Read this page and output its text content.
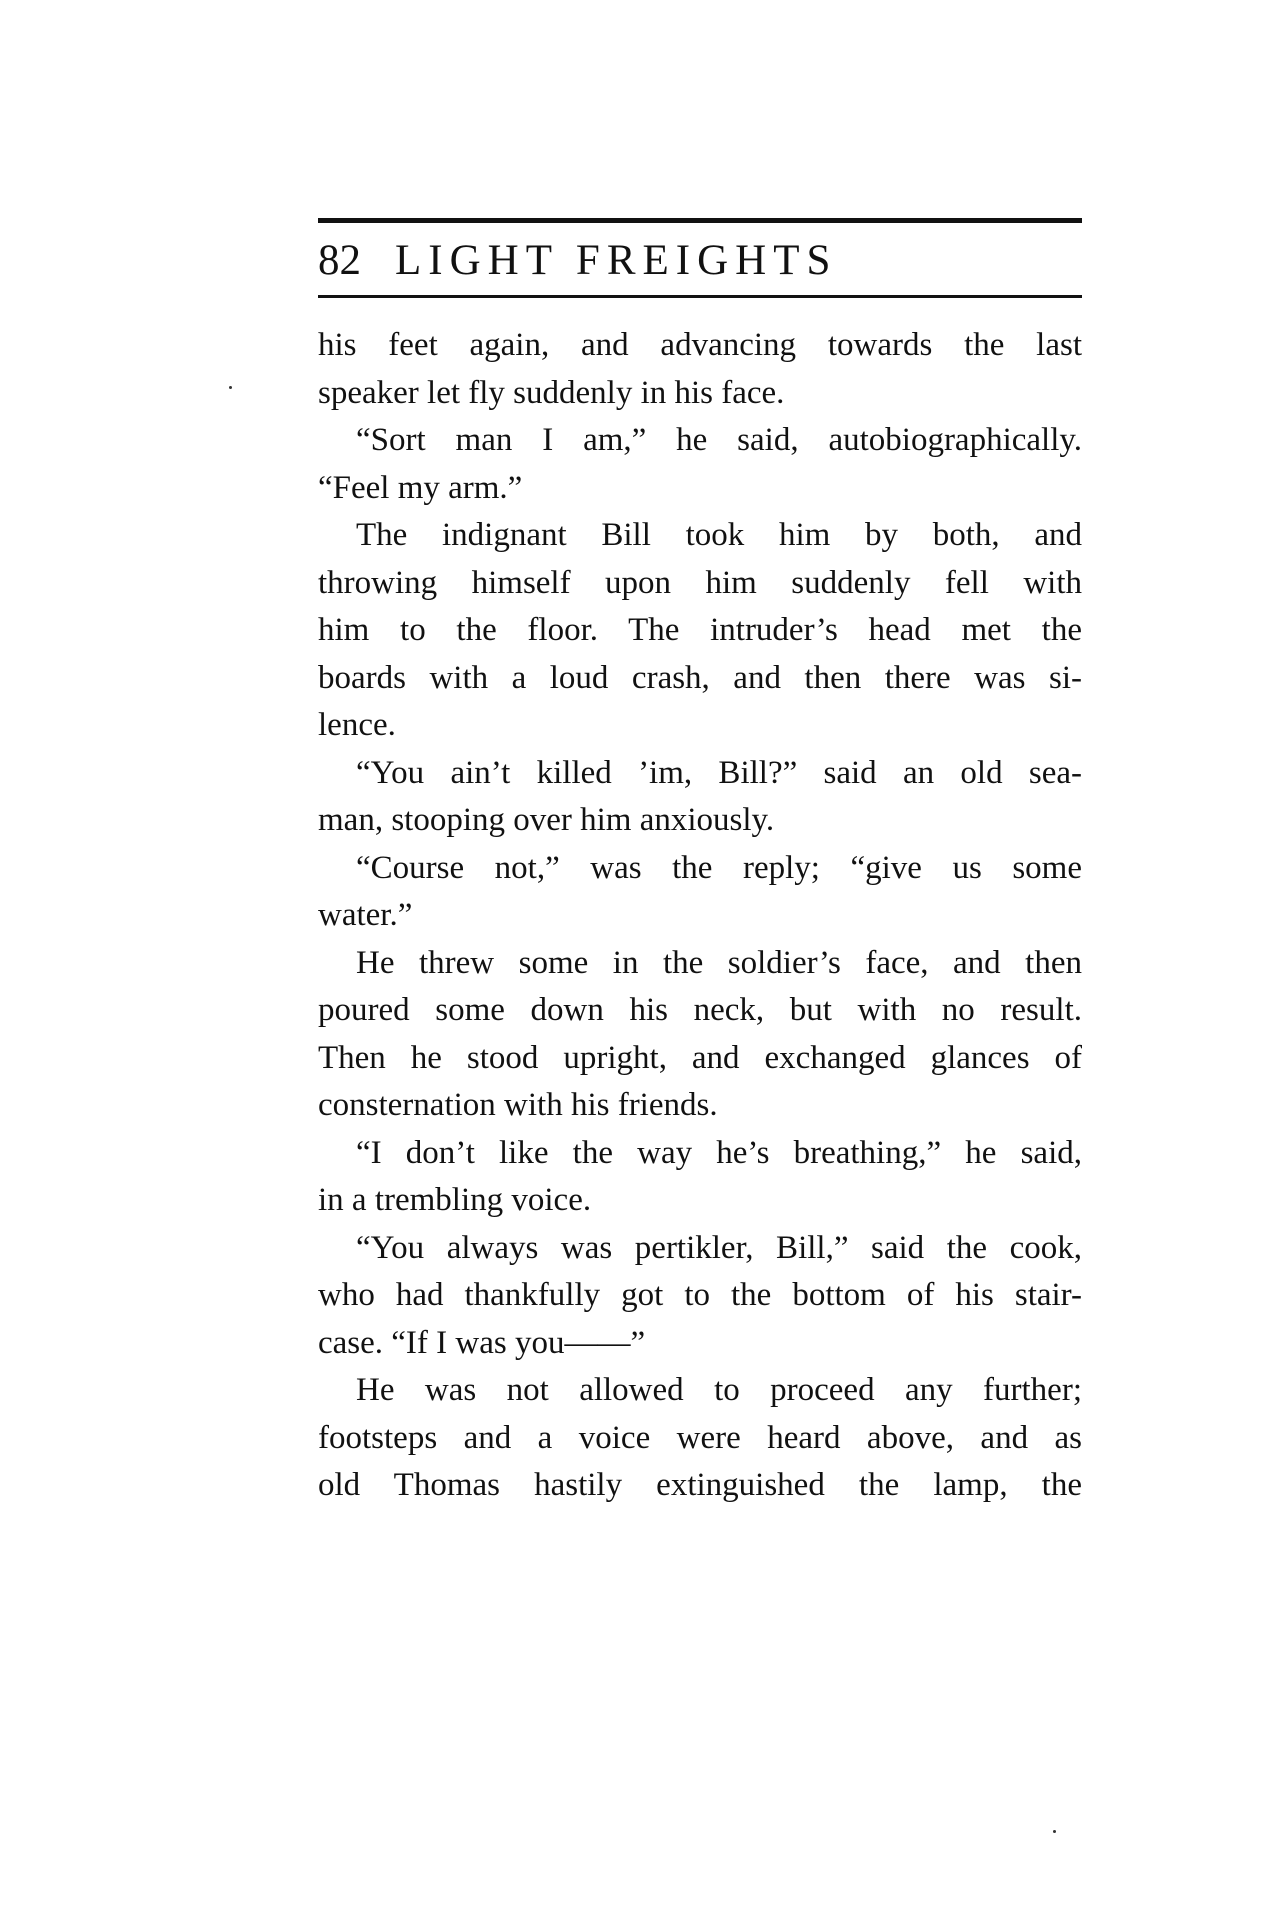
82 LIGHT FREIGHTS
his feet again, and advancing towards the last
speaker let fly suddenly in his face.
“Sort man I am,” he said, autobiographically.
“Feel my arm.”
The indignant Bill took him by both, and
throwing himself upon him suddenly fell with
him to the floor. The intruder’s head met the
boards with a loud crash, and then there was si-
lence.
“You ain’t killed ’im, Bill?” said an old sea-
man, stooping over him anxiously.
“Course not,” was the reply; “give us some
water.”
He threw some in the soldier’s face, and then
poured some down his neck, but with no result.
Then he stood upright, and exchanged glances of
consternation with his friends.
“I don’t like the way he’s breathing,” he said,
in a trembling voice.
“You always was pertikler, Bill,” said the cook,
who had thankfully got to the bottom of his stair-
case. “If I was you——”
He was not allowed to proceed any further;
footsteps and a voice were heard above, and as
old Thomas hastily extinguished the lamp, the
